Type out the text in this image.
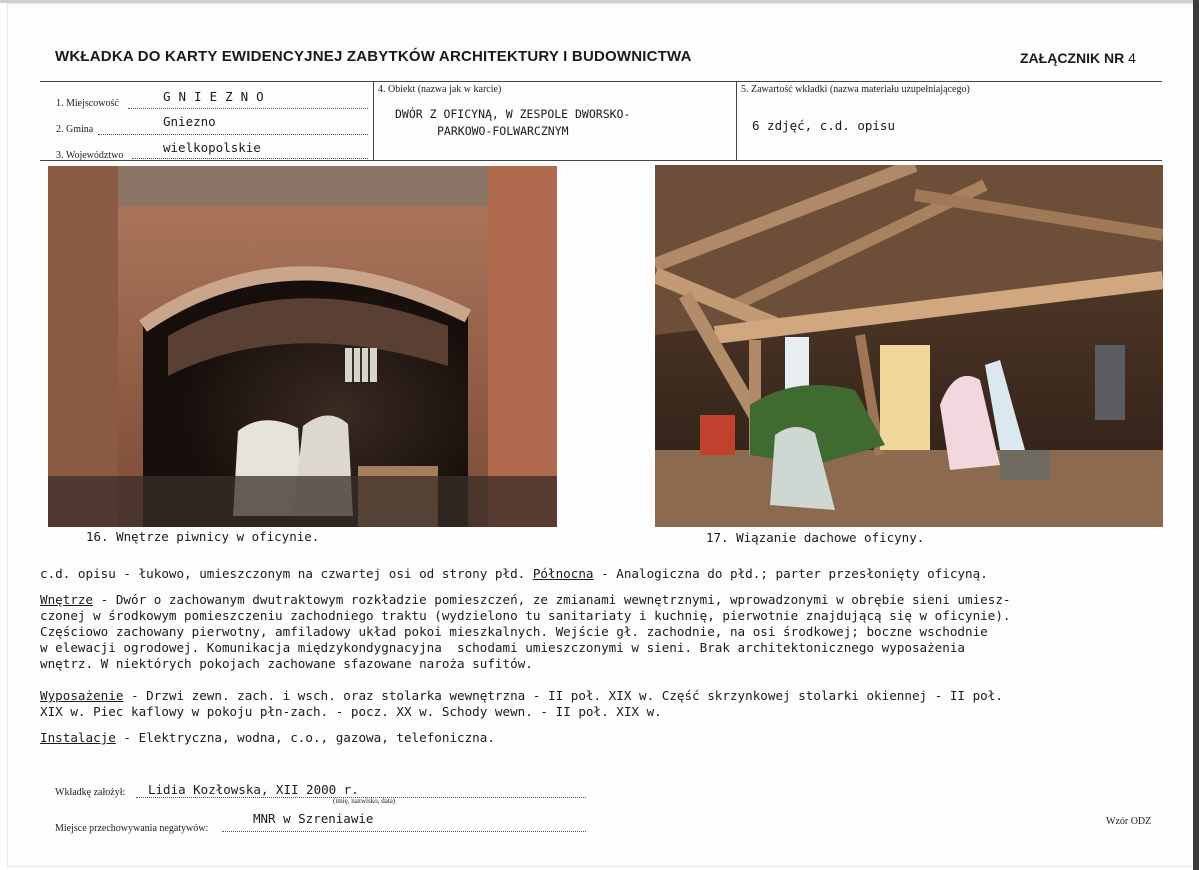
WKŁADKA DO KARTY EWIDENCYJNEJ ZABYTKÓW ARCHITEKTURY I BUDOWNICTWA	ZAŁĄCZNIK NR 4
1. Miejscowość	GNIEZNO
2. Gmina
Gniezno
3. Województwo
wielkopolskie
4. Obiekt (nazwa jak w karcie)
DWÓR Z OFICYNĄ, W ZESPOLE DWORSKO-
PARKOWO-FOLWARCZNYM
5. Zawartość wkładki (nazwa materiału uzupełniającego)
6 zdjęć, c.d. opisu
16. Wnętrze piwnicy w oficynie.	17. Wiązanie dachowe oficyny.
c.d. opisu - łukowo, umieszczonym na czwartej osi od strony płd. Północna - Analogiczna do płd.; parter przesłonięty oficyną.
Wnętrze - Dwór o zachowanym dwutraktowym rozkładzie pomieszczeń, ze zmianami wewnętrznymi, wprowadzonymi w obrębie sieni umiesz-
czonej w środkowym pomieszczeniu zachodniego traktu (wydzielono tu sanitariaty i kuchnię, pierwotnie znajdującą się w oficynie).
Częściowo zachowany pierwotny, amfiladowy układ pokoi mieszkalnych. Wejście gł. zachodnie, na osi środkowej; boczne wschodnie
w elewacji ogrodowej. Komunikacja międzykondygnacyjna  schodami umieszczonymi w sieni. Brak architektonicznego wyposażenia
wnętrz. W niektórych pokojach zachowane sfazowane naroża sufitów.
Wyposażenie - Drzwi zewn. zach. i wsch. oraz stolarka wewnętrzna - II poł. XIX w. Część skrzynkowej stolarki okiennej - II poł.
XIX w. Piec kaflowy w pokoju płn-zach. - pocz. XX w. Schody wewn. - II poł. XIX w.
Instalacje - Elektryczna, wodna, c.o., gazowa, telefoniczna.
Wkładkę założył: Lidia Kozłowska, XII 2000 r.
(imię, nazwisko, data)
Miejsce przechowywania negatywów:
MNR w Szreniawie	Wzór ODZ
